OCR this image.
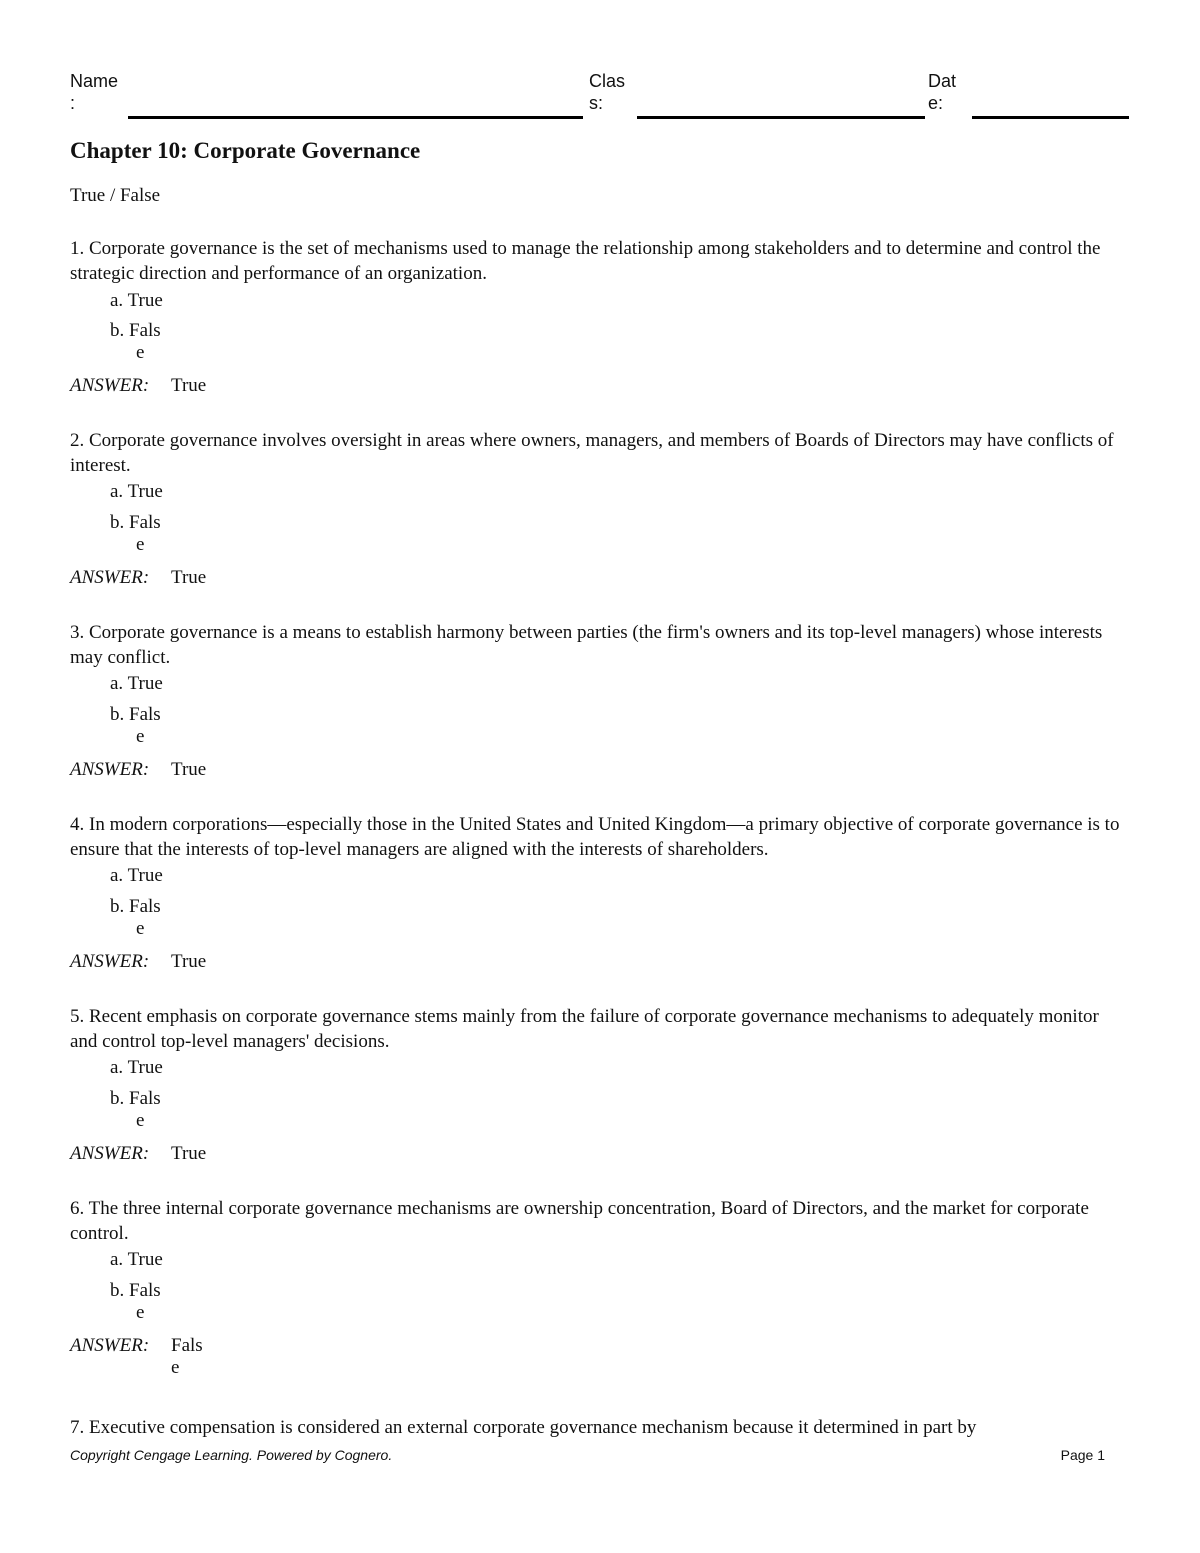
Name
:
Clas
s:
Dat
e:
Chapter 10: Corporate Governance
True / False
1. Corporate governance is the set of mechanisms used to manage the relationship among stakeholders and to determine and control the strategic direction and performance of an organization.
a. True
b. Fals
e
ANSWER: True
2. Corporate governance involves oversight in areas where owners, managers, and members of Boards of Directors may have conflicts of interest.
a. True
b. Fals
e
ANSWER: True
3. Corporate governance is a means to establish harmony between parties (the firm's owners and its top-level managers) whose interests may conflict.
a. True
b. Fals
e
ANSWER: True
4. In modern corporations—especially those in the United States and United Kingdom—a primary objective of corporate governance is to ensure that the interests of top-level managers are aligned with the interests of shareholders.
a. True
b. Fals
e
ANSWER: True
5. Recent emphasis on corporate governance stems mainly from the failure of corporate governance mechanisms to adequately monitor and control top-level managers' decisions.
a. True
b. Fals
e
ANSWER: True
6. The three internal corporate governance mechanisms are ownership concentration, Board of Directors, and the market for corporate control.
a. True
b. Fals
e
ANSWER: Fals
e
7. Executive compensation is considered an external corporate governance mechanism because it determined in part by
Copyright Cengage Learning. Powered by Cognero.	Page 1
